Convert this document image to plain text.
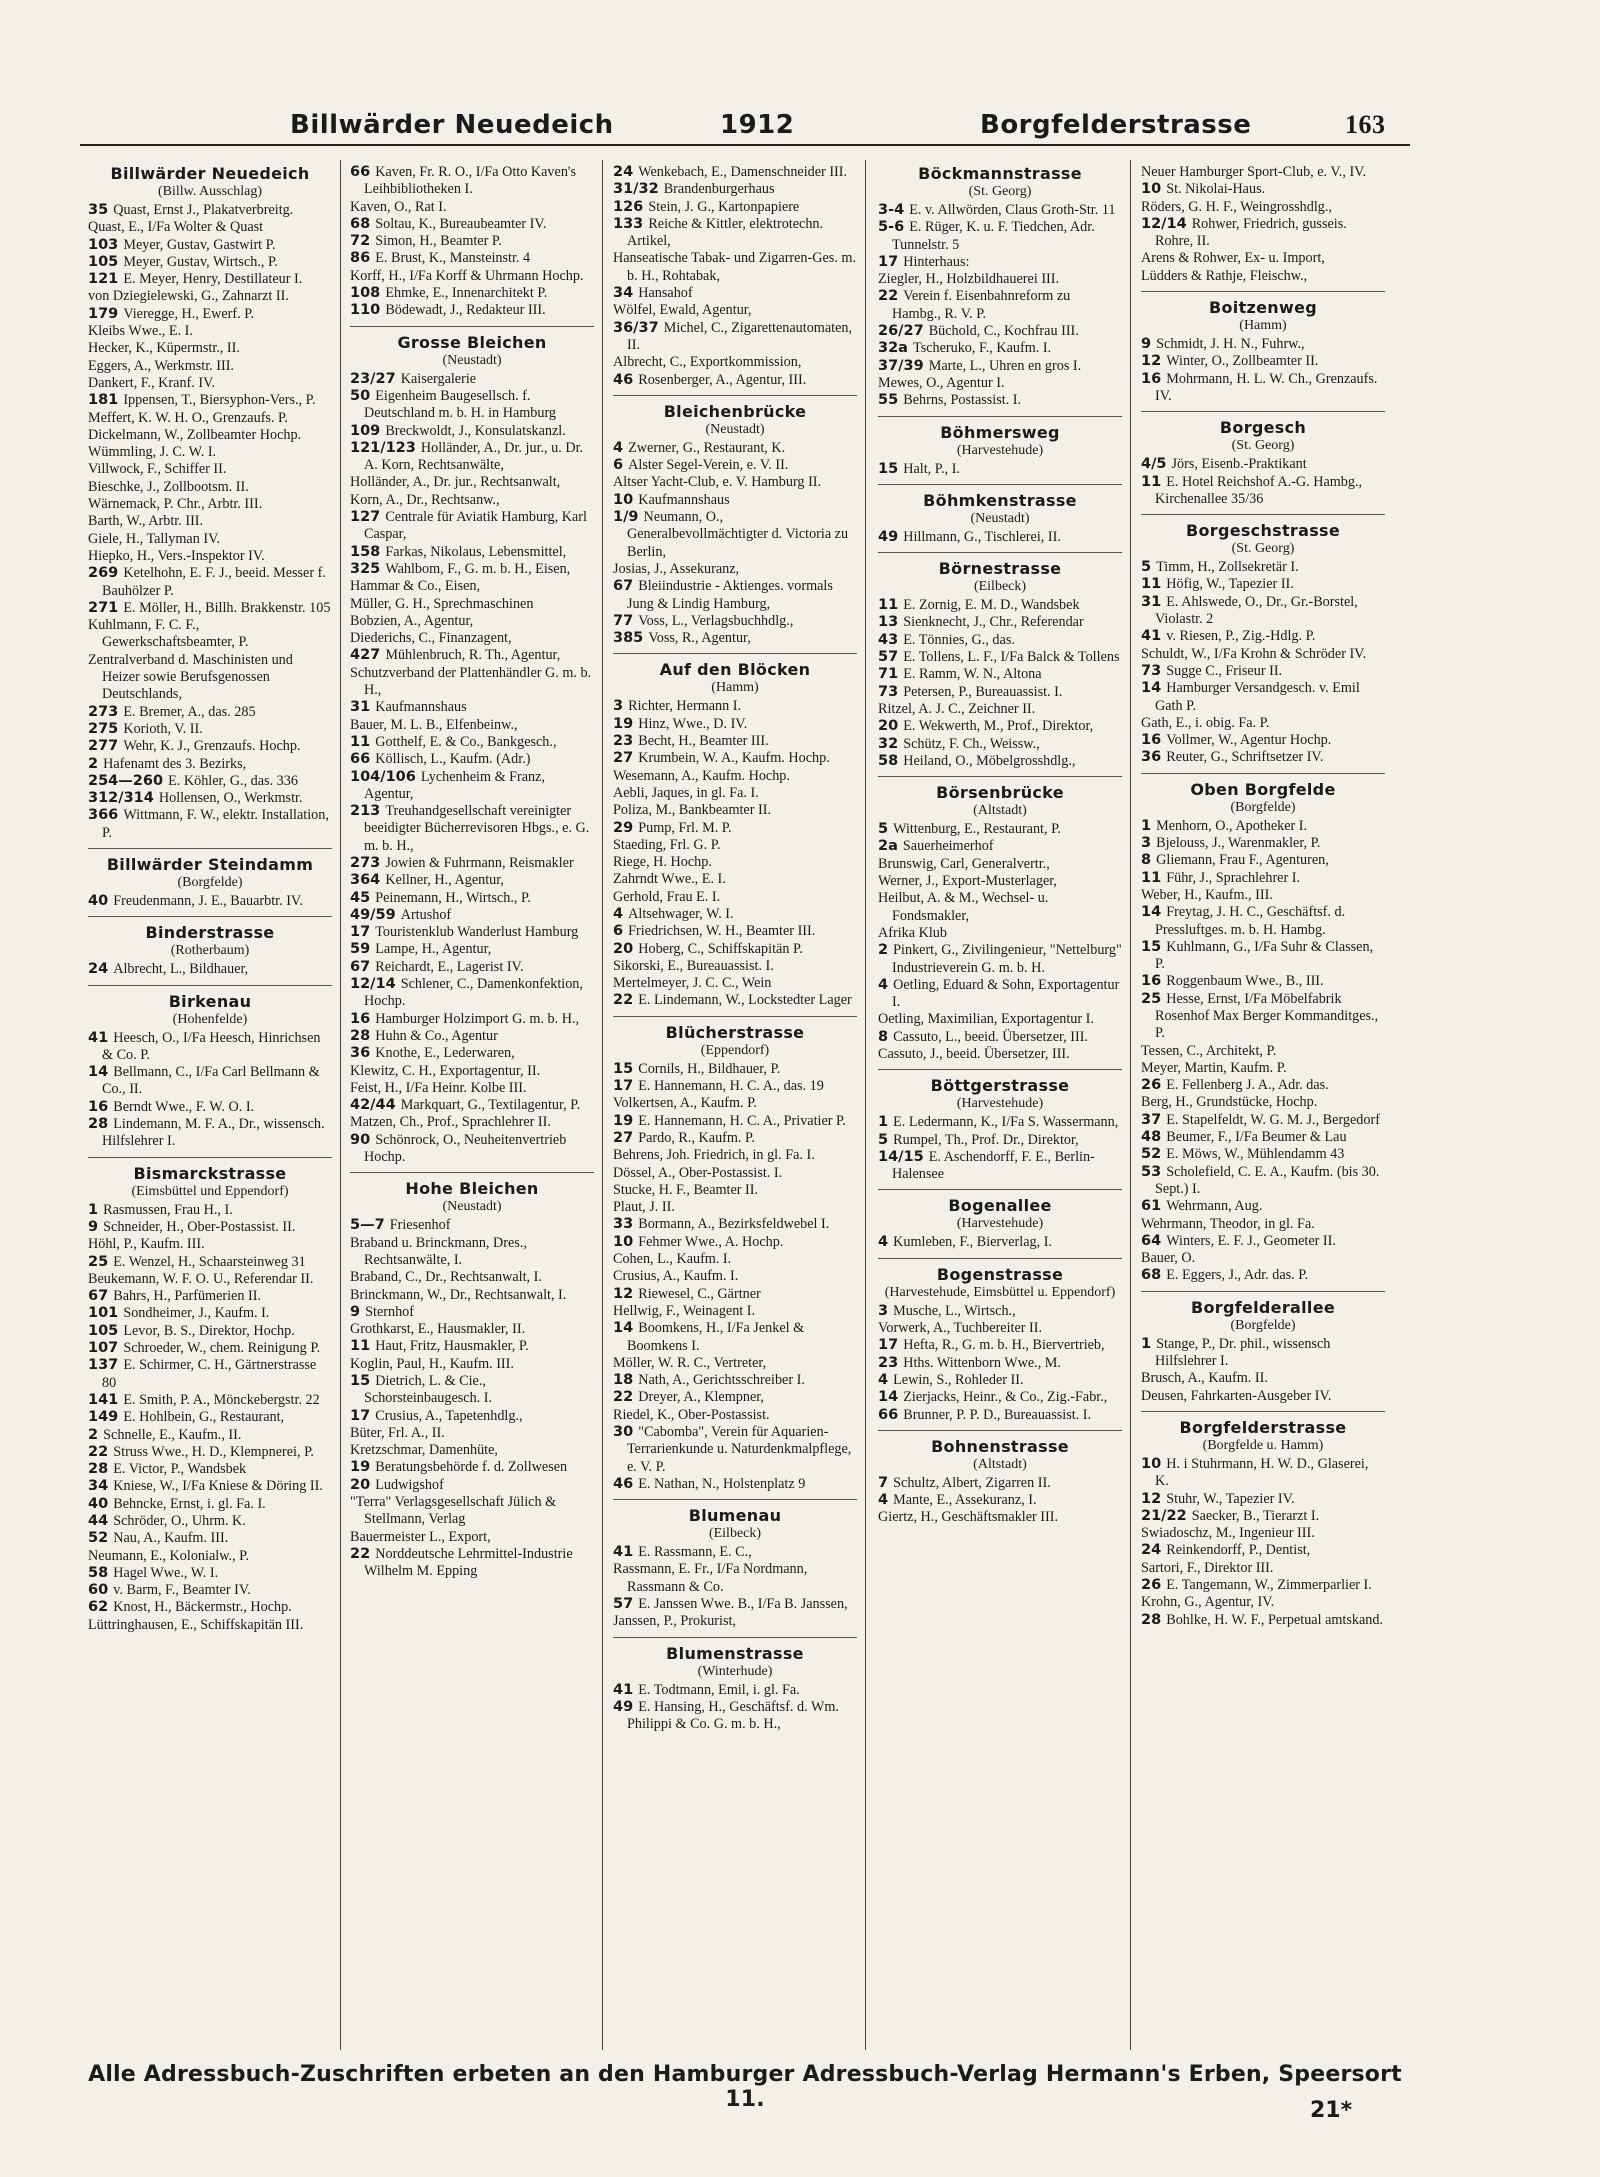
Billwärder Neuedeich	1912	Borgfelderstrasse	163
Billwärder Neuedeich
(Billw. Ausschlag)
35 Quast, Ernst J., Plakatverbreitg.
Quast, E., I/Fa Wolter & Quast
103 Meyer, Gustav, Gastwirt P.
105 Meyer, Gustav, Wirtsch., P.
121 E. Meyer, Henry, Destillateur I.
von Dziegielewski, G., Zahnarzt II.
179 Vieregge, H., Ewerf. P.
Kleibs Wwe., E. I.
Hecker, K., Küpermstr., II.
Eggers, A., Werkmstr. III.
Dankert, F., Kranf. IV.
181 Ippensen, T., Biersyphon-Vers., P.
Meffert, K. W. H. O., Grenzaufs. P.
Dickelmann, W., Zollbeamter Hochp.
Wümmling, J. C. W. I.
Villwock, F., Schiffer II.
Bieschke, J., Zollbootsm. II.
Wärnemack, P. Chr., Arbtr. III.
Barth, W., Arbtr. III.
Giele, H., Tallyman IV.
Hiepko, H., Vers.-Inspektor IV.
269 Ketelhohn, E. F. J., beeid. Messer f. Bauhölzer P.
271 E. Möller, H., Billh. Brakkenstr. 105
Kuhlmann, F. C. F., Gewerkschaftsbeamter, P.
Zentralverband d. Maschinisten und Heizer sowie Berufsgenossen Deutschlands,
273 E. Bremer, A., das. 285
275 Korioth, V. II.
277 Wehr, K. J., Grenzaufs. Hochp.
2 Hafenamt des 3. Bezirks,
254—260 E. Köhler, G., das. 336
312/314 Hollensen, O., Werkmstr.
366 Wittmann, F. W., elektr. Installation, P.
Billwärder Steindamm
(Borgfelde)
40 Freudenmann, J. E., Bauarbtr. IV.
Binderstrasse
(Rotherbaum)
24 Albrecht, L., Bildhauer,
Birkenau
(Hohenfelde)
41 Heesch, O., I/Fa Heesch, Hinrichsen & Co. P.
14 Bellmann, C., I/Fa Carl Bellmann & Co., II.
16 Berndt Wwe., F. W. O. I.
28 Lindemann, M. F. A., Dr., wissensch. Hilfslehrer I.
Bismarckstrasse
(Eimsbüttel und Eppendorf)
1 Rasmussen, Frau H., I.
9 Schneider, H., Ober-Postassist. II.
Höhl, P., Kaufm. III.
25 E. Wenzel, H., Schaarsteinweg 31
Beukemann, W. F. O. U., Referendar II.
67 Bahrs, H., Parfümerien II.
101 Sondheimer, J., Kaufm. I.
105 Levor, B. S., Direktor, Hochp.
107 Schroeder, W., chem. Reinigung P.
137 E. Schirmer, C. H., Gärtnerstrasse 80
141 E. Smith, P. A., Mönckebergstr. 22
149 E. Hohlbein, G., Restaurant,
2 Schnelle, E., Kaufm., II.
22 Struss Wwe., H. D., Klempnerei, P.
28 E. Victor, P., Wandsbek
34 Kniese, W., I/Fa Kniese & Döring II.
40 Behncke, Ernst, i. gl. Fa. I.
44 Schröder, O., Uhrm. K.
52 Nau, A., Kaufm. III.
Neumann, E., Kolonialw., P.
58 Hagel Wwe., W. I.
60 v. Barm, F., Beamter IV.
62 Knost, H., Bäckermstr., Hochp.
Lüttringhausen, E., Schiffskapitän III.
66 Kaven, Fr. R. O., I/Fa Otto Kaven's Leihbibliotheken I.
Kaven, O., Rat I.
68 Soltau, K., Bureaubeamter IV.
72 Simon, H., Beamter P.
86 E. Brust, K., Mansteinstr. 4
Korff, H., I/Fa Korff & Uhrmann Hochp.
108 Ehmke, E., Innenarchitekt P.
110 Bödewadt, J., Redakteur III.
Grosse Bleichen
(Neustadt)
23/27 Kaisergalerie
50 Eigenheim Baugesellsch. f. Deutschland m. b. H. in Hamburg
109 Breckwoldt, J., Konsulatskanzl.
121/123 Holländer, A., Dr. jur., u. Dr. A. Korn, Rechtsanwälte,
Holländer, A., Dr. jur., Rechtsanwalt,
Korn, A., Dr., Rechtsanw.,
127 Centrale für Aviatik Hamburg, Karl Caspar,
158 Farkas, Nikolaus, Lebensmittel,
325 Wahlbom, F., G. m. b. H., Eisen,
Hammar & Co., Eisen,
Müller, G. H., Sprechmaschinen
Bobzien, A., Agentur,
Diederichs, C., Finanzagent,
427 Mühlenbruch, R. Th., Agentur,
Schutzverband der Plattenhändler G. m. b. H.,
31 Kaufmannshaus
Bauer, M. L. B., Elfenbeinw.,
11 Gotthelf, E. & Co., Bankgesch.,
66 Köllisch, L., Kaufm. (Adr.)
104/106 Lychenheim & Franz, Agentur,
213 Treuhandgesellschaft vereinigter beeidigter Bücherrevisoren Hbgs., e. G. m. b. H.,
273 Jowien & Fuhrmann, Reismakler
364 Kellner, H., Agentur,
45 Peinemann, H., Wirtsch., P.
49/59 Artushof
17 Touristenklub Wanderlust Hamburg
59 Lampe, H., Agentur,
67 Reichardt, E., Lagerist IV.
12/14 Schlener, C., Damenkonfektion, Hochp.
16 Hamburger Holzimport G. m. b. H.,
28 Huhn & Co., Agentur
36 Knothe, E., Lederwaren,
Klewitz, C. H., Exportagentur, II.
Feist, H., I/Fa Heinr. Kolbe III.
42/44 Markquart, G., Textilagentur, P.
Matzen, Ch., Prof., Sprachlehrer II.
90 Schönrock, O., Neuheitenvertrieb Hochp.
Hohe Bleichen
(Neustadt)
5—7 Friesenhof
Braband u. Brinckmann, Dres., Rechtsanwälte, I.
Braband, C., Dr., Rechtsanwalt, I.
Brinckmann, W., Dr., Rechtsanwalt, I.
9 Sternhof
Grothkarst, E., Hausmakler, II.
11 Haut, Fritz, Hausmakler, P.
Koglin, Paul, H., Kaufm. III.
15 Dietrich, L. & Cie., Schorsteinbaugesch. I.
17 Crusius, A., Tapetenhdlg.,
Büter, Frl. A., II.
Kretzschmar, Damenhüte,
19 Beratungsbehörde f. d. Zollwesen
20 Ludwigshof
"Terra" Verlagsgesellschaft Jülich & Stellmann, Verlag
Bauermeister L., Export,
22 Norddeutsche Lehrmittel-Industrie Wilhelm M. Epping
24 Wenkebach, E., Damenschneider III.
31/32 Brandenburgerhaus
126 Stein, J. G., Kartonpapiere
133 Reiche & Kittler, elektrotechn. Artikel,
Hanseatische Tabak- und Zigarren-Ges. m. b. H., Rohtabak,
34 Hansahof
Wölfel, Ewald, Agentur,
36/37 Michel, C., Zigarettenautomaten, II.
Albrecht, C., Exportkommission,
46 Rosenberger, A., Agentur, III.
Bleichenbrücke
(Neustadt)
4 Zwerner, G., Restaurant, K.
6 Alster Segel-Verein, e. V. II.
Altser Yacht-Club, e. V. Hamburg II.
10 Kaufmannshaus
1/9 Neumann, O., Generalbevollmächtigter d. Victoria zu Berlin,
Josias, J., Assekuranz,
67 Bleiindustrie - Aktienges. vormals Jung & Lindig Hamburg,
77 Voss, L., Verlagsbuchhdlg.,
385 Voss, R., Agentur,
Auf den Blöcken
(Hamm)
3 Richter, Hermann I.
19 Hinz, Wwe., D. IV.
23 Becht, H., Beamter III.
27 Krumbein, W. A., Kaufm. Hochp.
Wesemann, A., Kaufm. Hochp.
Aebli, Jaques, in gl. Fa. I.
Poliza, M., Bankbeamter II.
29 Pump, Frl. M. P.
Staeding, Frl. G. P.
Riege, H. Hochp.
Zahrndt Wwe., E. I.
Gerhold, Frau E. I.
4 Altsehwager, W. I.
6 Friedrichsen, W. H., Beamter III.
20 Hoberg, C., Schiffskapitän P.
Sikorski, E., Bureauassist. I.
Mertelmeyer, J. C. C., Wein
22 E. Lindemann, W., Lockstedter Lager
Blücherstrasse
(Eppendorf)
15 Cornils, H., Bildhauer, P.
17 E. Hannemann, H. C. A., das. 19
Volkertsen, A., Kaufm. P.
19 E. Hannemann, H. C. A., Privatier P.
27 Pardo, R., Kaufm. P.
Behrens, Joh. Friedrich, in gl. Fa. I.
Dössel, A., Ober-Postassist. I.
Stucke, H. F., Beamter II.
Plaut, J. II.
33 Bormann, A., Bezirksfeldwebel I.
10 Fehmer Wwe., A. Hochp.
Cohen, L., Kaufm. I.
Crusius, A., Kaufm. I.
12 Riewesel, C., Gärtner
Hellwig, F., Weinagent I.
14 Boomkens, H., I/Fa Jenkel & Boomkens I.
Möller, W. R. C., Vertreter,
18 Nath, A., Gerichtsschreiber I.
22 Dreyer, A., Klempner,
Riedel, K., Ober-Postassist.
30 "Cabomba", Verein für Aquarien-Terrarienkunde u. Naturdenkmalpflege, e. V. P.
46 E. Nathan, N., Holstenplatz 9
Blumenau
(Eilbeck)
41 E. Rassmann, E. C.,
Rassmann, E. Fr., I/Fa Nordmann, Rassmann & Co.
57 E. Janssen Wwe. B., I/Fa B. Janssen,
Janssen, P., Prokurist,
Blumenstrasse
(Winterhude)
41 E. Todtmann, Emil, i. gl. Fa.
49 E. Hansing, H., Geschäftsf. d. Wm. Philippi & Co. G. m. b. H.,
Böckmannstrasse
(St. Georg)
3-4 E. v. Allwörden, Claus Groth-Str. 11
5-6 E. Rüger, K. u. F. Tiedchen, Adr. Tunnelstr. 5
17 Hinterhaus:
Ziegler, H., Holzbildhauerei III.
22 Verein f. Eisenbahnreform zu Hambg., R. V. P.
26/27 Büchold, C., Kochfrau III.
32a Tscheruko, F., Kaufm. I.
37/39 Marte, L., Uhren en gros I.
Mewes, O., Agentur I.
55 Behrns, Postassist. I.
Böhmersweg
(Harvestehude)
15 Halt, P., I.
Böhmkenstrasse
(Neustadt)
49 Hillmann, G., Tischlerei, II.
Börnestrasse
(Eilbeck)
11 E. Zornig, E. M. D., Wandsbek
13 Sienknecht, J., Chr., Referendar
43 E. Tönnies, G., das.
57 E. Tollens, L. F., I/Fa Balck & Tollens
71 E. Ramm, W. N., Altona
73 Petersen, P., Bureauassist. I.
Ritzel, A. J. C., Zeichner II.
20 E. Wekwerth, M., Prof., Direktor,
32 Schütz, F. Ch., Weissw.,
58 Heiland, O., Möbelgrosshdlg.,
Börsenbrücke
(Altstadt)
5 Wittenburg, E., Restaurant, P.
2a Sauerheimerhof
Brunswig, Carl, Generalvertr.,
Werner, J., Export-Musterlager,
Heilbut, A. & M., Wechsel- u. Fondsmakler,
Afrika Klub
2 Pinkert, G., Zivilingenieur, "Nettelburg" Industrieverein G. m. b. H.
4 Oetling, Eduard & Sohn, Exportagentur I.
Oetling, Maximilian, Exportagentur I.
8 Cassuto, L., beeid. Übersetzer, III.
Cassuto, J., beeid. Übersetzer, III.
Böttgerstrasse
(Harvestehude)
1 E. Ledermann, K., I/Fa S. Wassermann,
5 Rumpel, Th., Prof. Dr., Direktor,
14/15 E. Aschendorff, F. E., Berlin-Halensee
Bogenallee
(Harvestehude)
4 Kumleben, F., Bierverlag, I.
Bogenstrasse
(Harvestehude, Eimsbüttel u. Eppendorf)
3 Musche, L., Wirtsch.,
Vorwerk, A., Tuchbereiter II.
17 Hefta, R., G. m. b. H., Biervertrieb,
23 Hths. Wittenborn Wwe., M.
4 Lewin, S., Rohleder II.
14 Zierjacks, Heinr., & Co., Zig.-Fabr.,
66 Brunner, P. P. D., Bureauassist. I.
Bohnenstrasse
(Altstadt)
7 Schultz, Albert, Zigarren II.
4 Mante, E., Assekuranz, I.
Giertz, H., Geschäftsmakler III.
Neuer Hamburger Sport-Club, e. V., IV.
10 St. Nikolai-Haus.
Röders, G. H. F., Weingrosshdlg.,
12/14 Rohwer, Friedrich, gusseis. Rohre, II.
Arens & Rohwer, Ex- u. Import,
Lüdders & Rathje, Fleischw.,
Boitzenweg
(Hamm)
9 Schmidt, J. H. N., Fuhrw.,
12 Winter, O., Zollbeamter II.
16 Mohrmann, H. L. W. Ch., Grenzaufs. IV.
Borgesch
(St. Georg)
4/5 Jörs, Eisenb.-Praktikant
11 E. Hotel Reichshof A.-G. Hambg., Kirchenallee 35/36
Borgeschstrasse
(St. Georg)
5 Timm, H., Zollsekretär I.
11 Höfig, W., Tapezier II.
31 E. Ahlswede, O., Dr., Gr.-Borstel, Violastr. 2
41 v. Riesen, P., Zig.-Hdlg. P.
Schuldt, W., I/Fa Krohn & Schröder IV.
73 Sugge C., Friseur II.
14 Hamburger Versandgesch. v. Emil Gath P.
Gath, E., i. obig. Fa. P.
16 Vollmer, W., Agentur Hochp.
36 Reuter, G., Schriftsetzer IV.
Oben Borgfelde
(Borgfelde)
1 Menhorn, O., Apotheker I.
3 Bjelouss, J., Warenmakler, P.
8 Gliemann, Frau F., Agenturen,
11 Führ, J., Sprachlehrer I.
Weber, H., Kaufm., III.
14 Freytag, J. H. C., Geschäftsf. d. Pressluftges. m. b. H. Hambg.
15 Kuhlmann, G., I/Fa Suhr & Classen, P.
16 Roggenbaum Wwe., B., III.
25 Hesse, Ernst, I/Fa Möbelfabrik Rosenhof Max Berger Kommanditges., P.
Tessen, C., Architekt, P.
Meyer, Martin, Kaufm. P.
26 E. Fellenberg J. A., Adr. das.
Berg, H., Grundstücke, Hochp.
37 E. Stapelfeldt, W. G. M. J., Bergedorf
48 Beumer, F., I/Fa Beumer & Lau
52 E. Möws, W., Mühlendamm 43
53 Scholefield, C. E. A., Kaufm. (bis 30. Sept.) I.
61 Wehrmann, Aug.
Wehrmann, Theodor, in gl. Fa.
64 Winters, E. F. J., Geometer II.
Bauer, O.
68 E. Eggers, J., Adr. das. P.
Borgfelderallee
(Borgfelde)
1 Stange, P., Dr. phil., wissensch Hilfslehrer I.
Brusch, A., Kaufm. II.
Deusen, Fahrkarten-Ausgeber IV.
Borgfelderstrasse
(Borgfelde u. Hamm)
10 H. i Stuhrmann, H. W. D., Glaserei, K.
12 Stuhr, W., Tapezier IV.
21/22 Saecker, B., Tierarzt I.
Swiadoschz, M., Ingenieur III.
24 Reinkendorff, P., Dentist,
Sartori, F., Direktor III.
26 E. Tangemann, W., Zimmerparlier I.
Krohn, G., Agentur, IV.
28 Bohlke, H. W. F., Perpetual amtskand.
Alle Adressbuch-Zuschriften erbeten an den Hamburger Adressbuch-Verlag Hermann's Erben, Speersort 11.	21*
